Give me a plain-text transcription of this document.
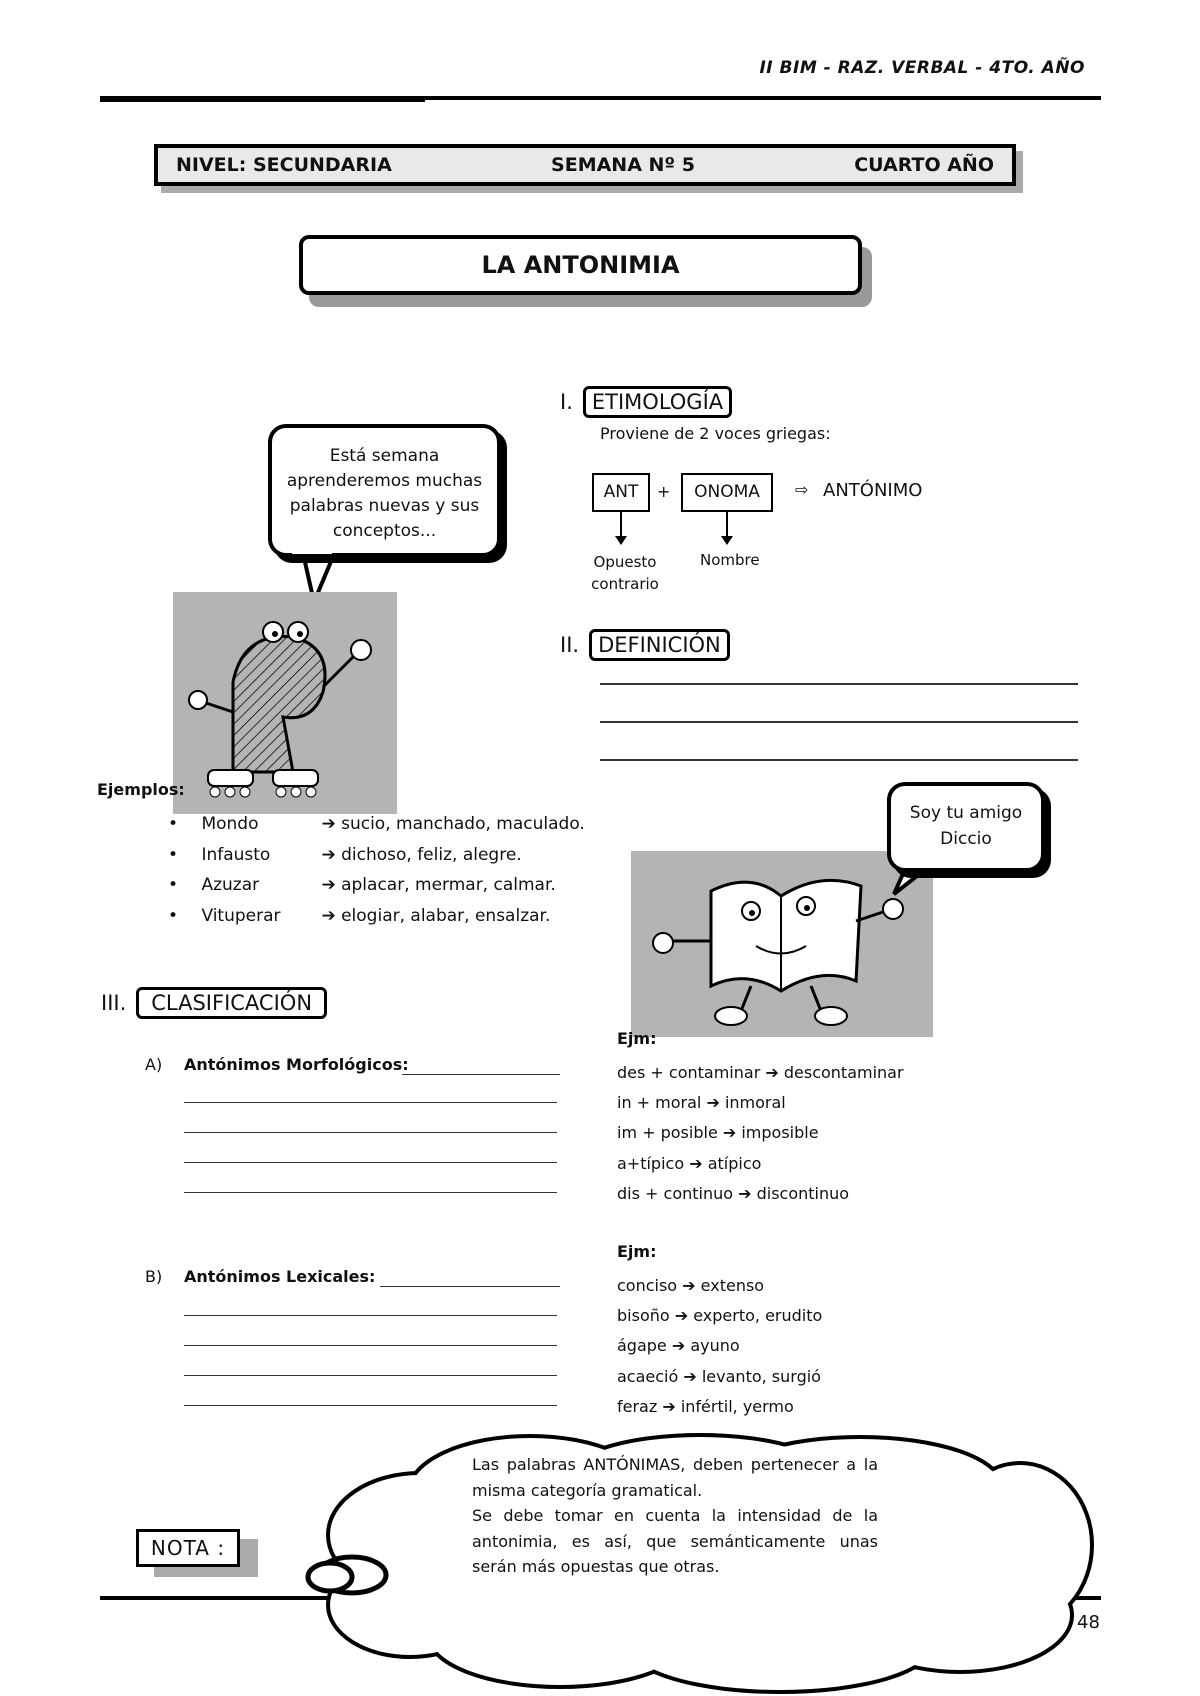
II BIM - RAZ. VERBAL - 4TO. AÑO
NIVEL: SECUNDARIA	SEMANA Nº 5	CUARTO AÑO
LA ANTONIMIA
Está semana
aprenderemos muchas
palabras nuevas y sus
conceptos...
I. ETIMOLOGÍA
Proviene de 2 voces griegas:
ANT	+	ONOMA	⇨ ANTÓNIMO
Opuesto
contrario
Nombre
II. DEFINICIÓN
Ejemplos:
• Mondo	➔ sucio, manchado, maculado.
• Infausto	➔ dichoso, feliz, alegre.
• Azuzar	➔ aplacar, mermar, calmar.
• Vituperar ➔ elogiar, alabar, ensalzar.
Soy tu amigo
Diccio
III.	CLASIFICACIÓN
A) Antónimos Morfológicos:
B) Antónimos Lexicales:
Ejm:
des + contaminar ➔ descontaminar
in + moral ➔ inmoral
im + posible ➔ imposible
a+típico ➔ atípico
dis + continuo ➔ discontinuo
Ejm:
conciso ➔ extenso
bisoño ➔ experto, erudito
ágape ➔ ayuno
acaeció ➔ levanto, surgió
feraz ➔ infértil, yermo
Las palabras ANTÓNIMAS, deben pertenecer a la misma categoría gramatical.
Se debe tomar en cuenta la intensidad de la antonimia, es así, que semánticamente unas serán más opuestas que otras.
NOTA :
48
